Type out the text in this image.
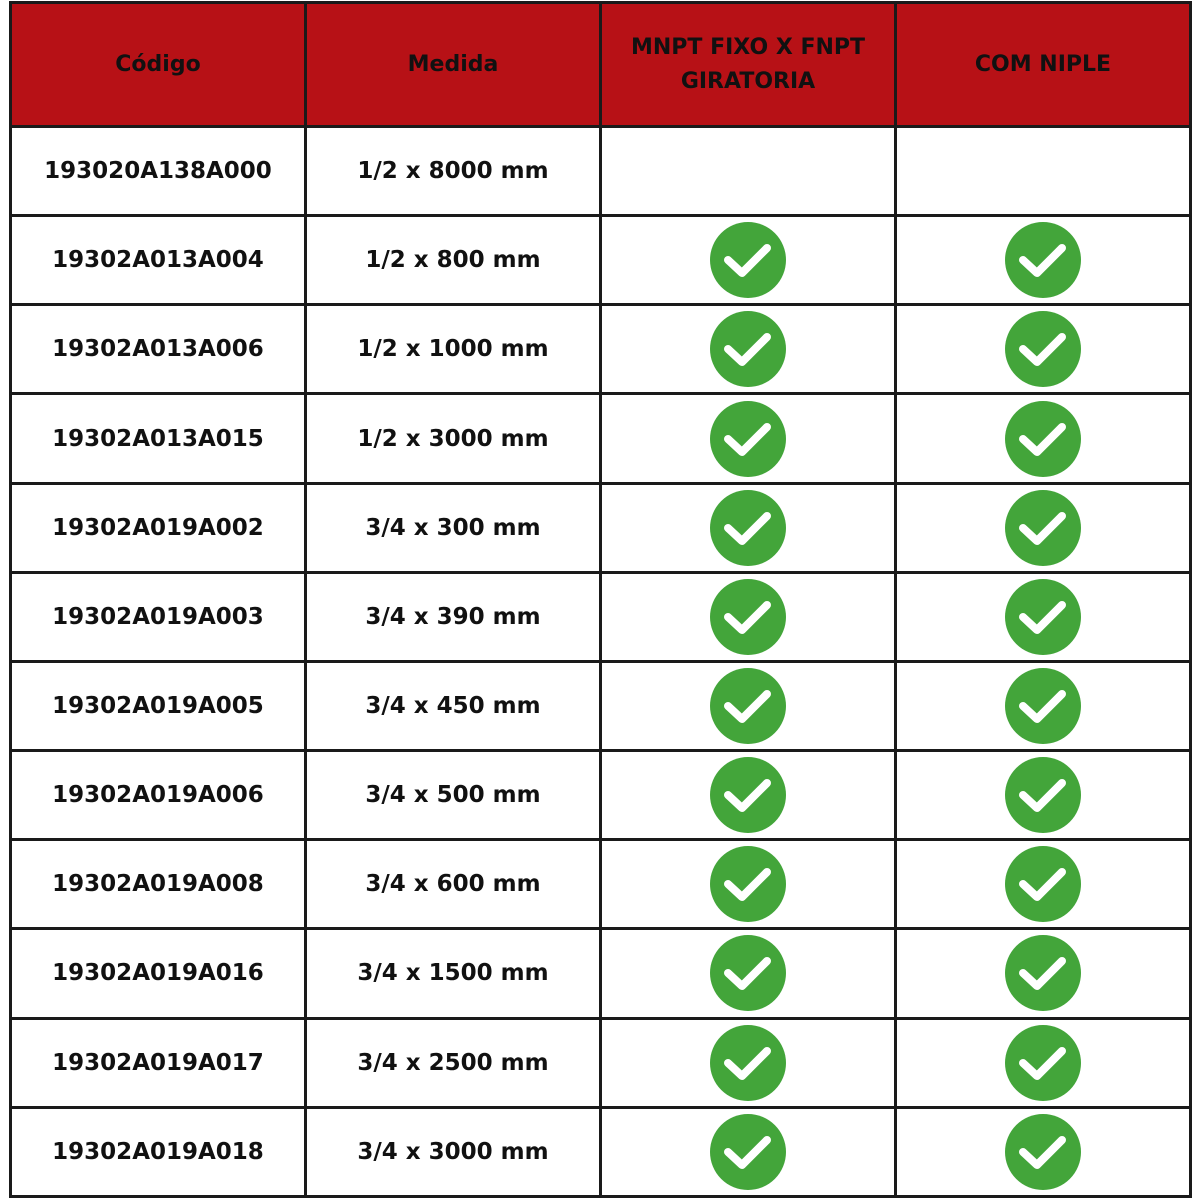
Código	Medida	MNPT FIXO X FNPT GIRATORIA	COM NIPLE
193020A138A000	1/2 x 8000 mm		
19302A013A004	1/2 x 800 mm		
19302A013A006	1/2 x 1000 mm		
19302A013A015	1/2 x 3000 mm		
19302A019A002	3/4 x 300 mm		
19302A019A003	3/4 x 390 mm		
19302A019A005	3/4 x 450 mm		
19302A019A006	3/4 x 500 mm		
19302A019A008	3/4 x 600 mm		
19302A019A016	3/4 x 1500 mm		
19302A019A017	3/4 x 2500 mm		
19302A019A018	3/4 x 3000 mm		
